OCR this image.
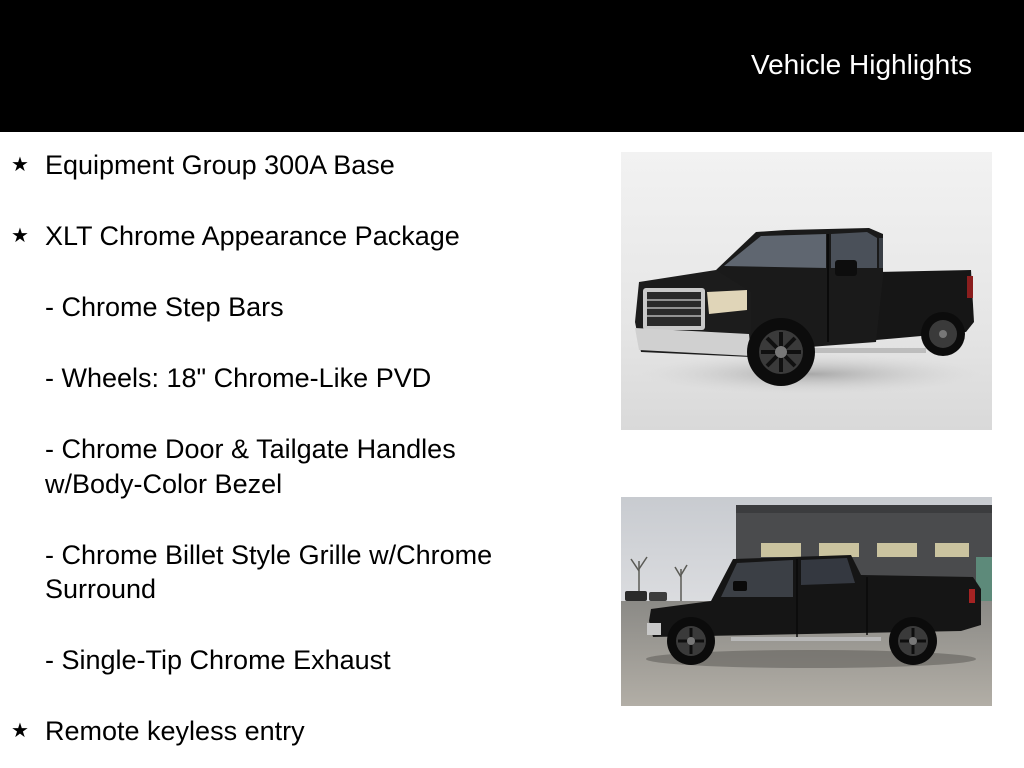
Vehicle Highlights
★ Equipment Group 300A Base
★ XLT Chrome Appearance Package
- Chrome Step Bars
- Wheels: 18" Chrome-Like PVD
- Chrome Door & Tailgate Handles w/Body-Color Bezel
- Chrome Billet Style Grille w/Chrome Surround
- Single-Tip Chrome Exhaust
★ Remote keyless entry
